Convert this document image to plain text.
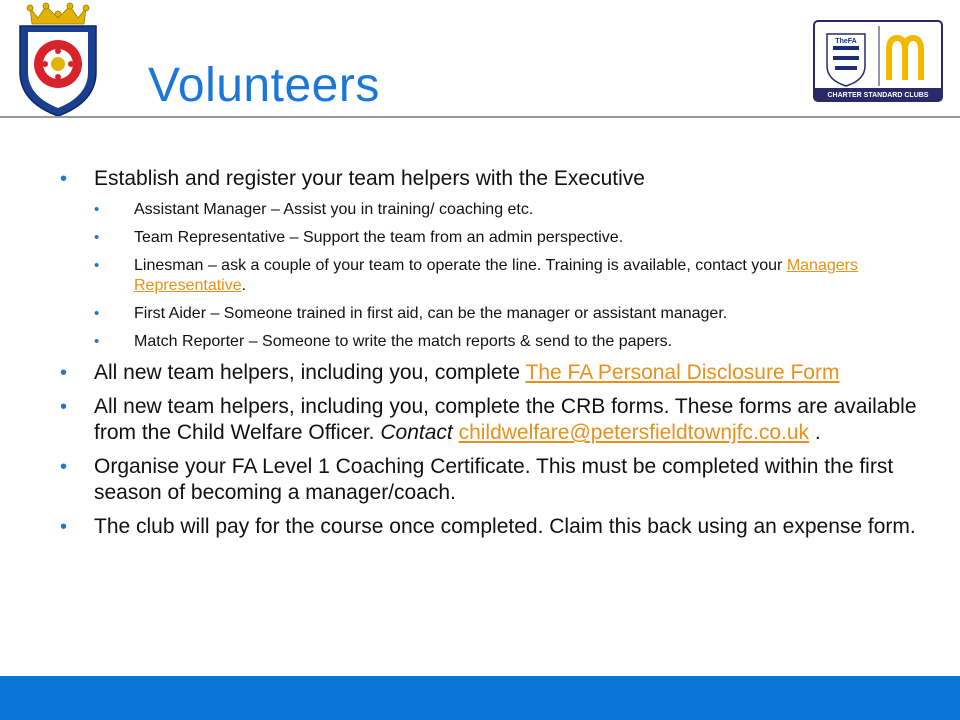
Volunteers
TheFA
CHARTER STANDARD CLUBS
• Establish and register your team helpers with the Executive
• Assistant Manager – Assist you in training/ coaching etc.
• Team Representative – Support the team from an admin perspective.
• Linesman – ask a couple of your team to operate the line. Training is available, contact your Managers Representative.
• First Aider – Someone trained in first aid, can be the manager or assistant manager.
• Match Reporter – Someone to write the match reports & send to the papers.
• All new team helpers, including you, complete The FA Personal Disclosure Form
• All new team helpers, including you, complete the CRB forms. These forms are available from the Child Welfare Officer. Contact childwelfare@petersfieldtownjfc.co.uk .
• Organise your FA Level 1 Coaching Certificate. This must be completed within the first season of becoming a manager/coach.
• The club will pay for the course once completed. Claim this back using an expense form.
